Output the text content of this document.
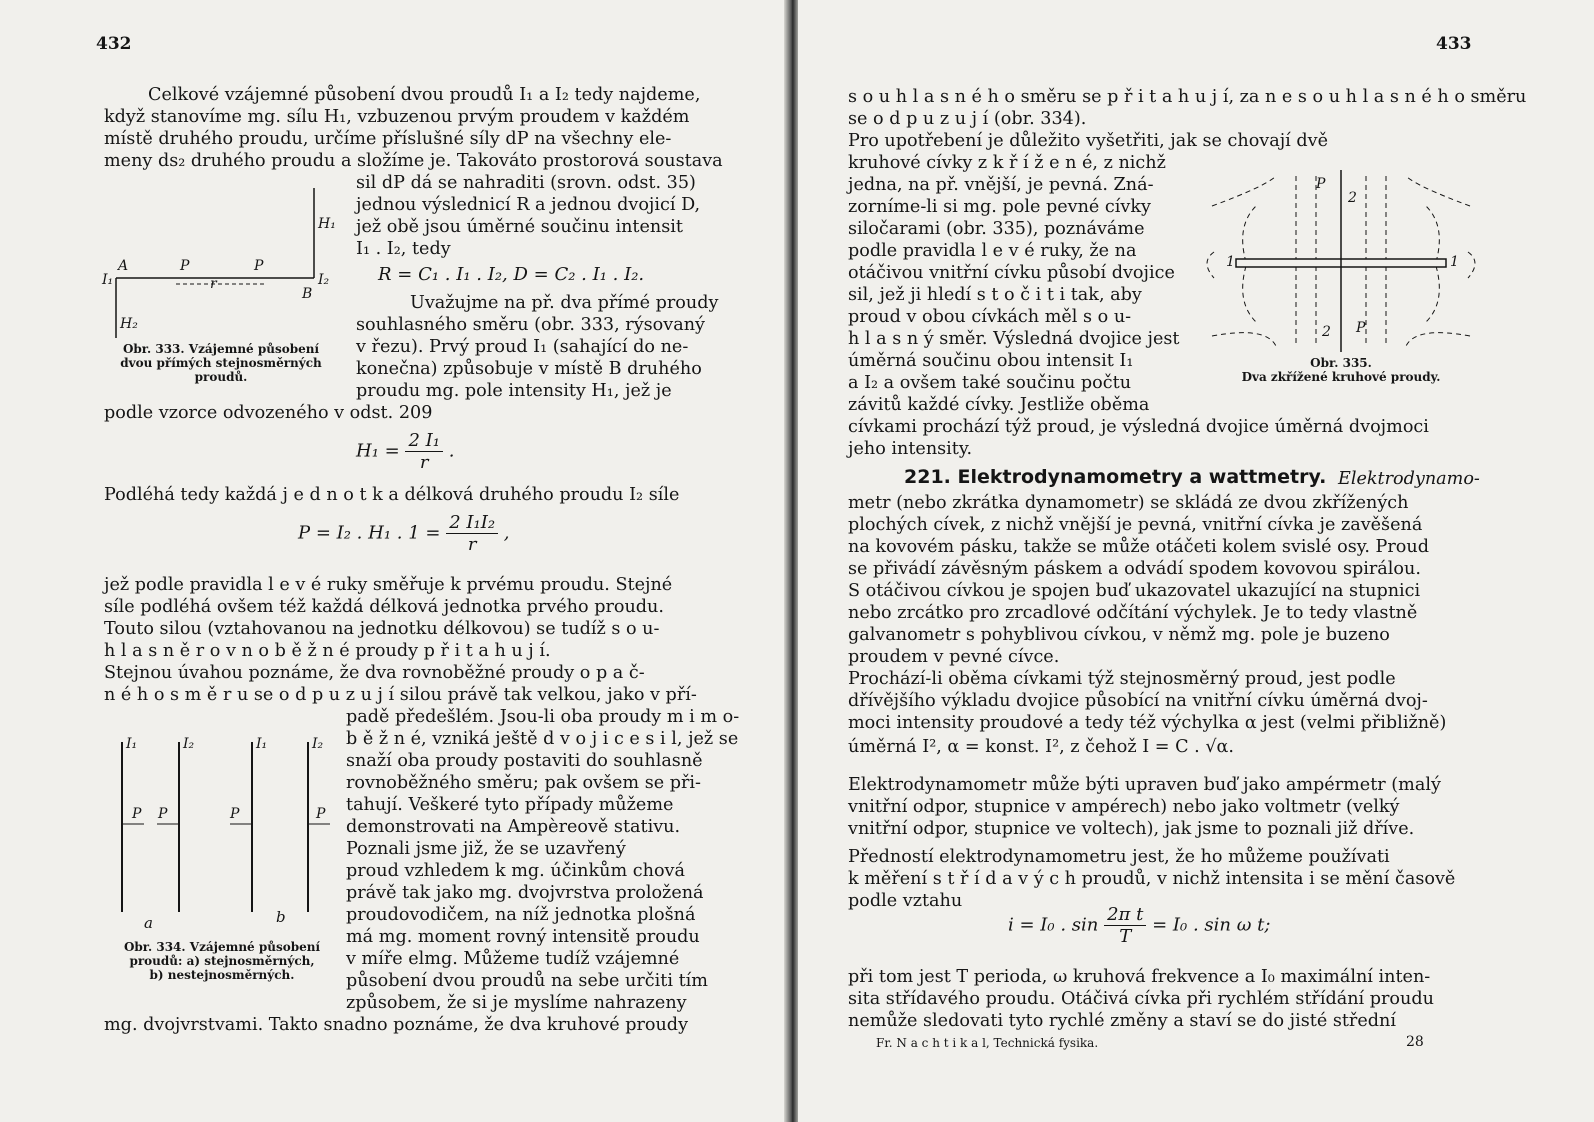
432
Celkové vzájemné působení dvou proudů I₁ a I₂ tedy najdeme,
když stanovíme mg. sílu H₁, vzbuzenou prvým proudem v každém
místě druhého proudu, určíme příslušné síly dP na všechny ele-
meny ds₂ druhého proudu a složíme je. Takováto prostorová soustava
sil dP dá se nahraditi (srovn. odst. 35)
jednou výslednicí R a jednou dvojicí D,
jež obě jsou úměrné součinu intensit
I₁ . I₂, tedy
R = C₁ . I₁ . I₂, D = C₂ . I₁ . I₂.
Uvažujme na př. dva přímé proudy
souhlasného směru (obr. 333, rýsovaný
v řezu). Prvý proud I₁ (sahající do ne-
konečna) způsobuje v místě B druhého
proudu mg. pole intensity H₁, jež je
podle vzorce odvozeného v odst. 209
H₁
I₁
A	P
r
P
I₂
B
H₂
Obr. 333. Vzájemné působení
dvou přímých stejnosměrných
proudů.
$H_1 = \frac{\text{2 I₁}}{r}$ .
Podléhá tedy každá j e d n o t k a délková druhého proudu I₂ síle
P = I₂ . H₁ . $1 = \frac{\text{2 I₁I₂}}{r}$ ,
jež podle pravidla l e v é ruky směřuje k prvému proudu. Stejné
síle podléhá ovšem též každá délková jednotka prvého proudu.
Touto silou (vztahovanou na jednotku délkovou) se tudíž s o u-
h l a s n ě r o v n o b ě ž n é proudy p ř i t a h u j í.
Stejnou úvahou poznáme, že dva rovnoběžné proudy o p a č-
n é h o s m ě r u se o d p u z u j í silou právě tak velkou, jako v pří-
padě předešlém. Jsou-li oba proudy m i m o-
b ě ž n é, vzniká ještě d v o j i c e s i l, jež se
snaží oba proudy postaviti do souhlasně
rovnoběžného směru; pak ovšem se při-
tahují. Veškeré tyto případy můžeme
demonstrovati na Ampèreově stativu.
Poznali jsme již, že se uzavřený
proud vzhledem k mg. účinkům chová
právě tak jako mg. dvojvrstva proložená
proudovodičem, na níž jednotka plošná
má mg. moment rovný intensitě proudu
v míře elmg. Můžeme tudíž vzájemné
působení dvou proudů na sebe určiti tím
způsobem, že si je myslíme nahrazeny
mg. dvojvrstvami. Takto snadno poznáme, že dva kruhové proudy
I₁	I₂	I₁	I₂
P P	P	P
a	b
Obr. 334. Vzájemné působení
proudů: a) stejnosměrných,
b) nestejnosměrných.
433
s o u h l a s n é h o směru se p ř i t a h u j í, za n e s o u h l a s n é h o směru
se o d p u z u j í (obr. 334).
Pro upotřebení je důležito vyšetřiti, jak se chovají dvě
kruhové cívky z k ř í ž e n é, z nichž
jedna, na př. vnější, je pevná. Zná-
zorníme-li si mg. pole pevné cívky
siločarami (obr. 335), poznáváme
podle pravidla l e v é ruky, že na
otáčivou vnitřní cívku působí dvojice
sil, jež ji hledí s t o č i t i tak, aby
proud v obou cívkách měl s o u-
h l a s n ý směr. Výsledná dvojice jest
úměrná součinu obou intensit I₁
a I₂ a ovšem také součinu počtu
závitů každé cívky. Jestliže oběma
cívkami prochází týž proud, je výsledná dvojice úměrná dvojmoci
jeho intensity.
P
2
1	1
2 P
Obr. 335.
Dva zkřížené kruhové proudy.
221. Elektrodynamometry a wattmetry. Elektrodynamo-
metr (nebo zkrátka dynamometr) se skládá ze dvou zkřížených
plochých cívek, z nichž vnější je pevná, vnitřní cívka je zavěšená
na kovovém pásku, takže se může otáčeti kolem svislé osy. Proud
se přivádí závěsným páskem a odvádí spodem kovovou spirálou.
S otáčivou cívkou je spojen buď ukazovatel ukazující na stupnici
nebo zrcátko pro zrcadlové odčítání výchylek. Je to tedy vlastně
galvanometr s pohyblivou cívkou, v němž mg. pole je buzeno
proudem v pevné cívce.
Prochází-li oběma cívkami týž stejnosměrný proud, jest podle
dřívějšího výkladu dvojice působící na vnitřní cívku úměrná dvoj-
moci intensity proudové a tedy též výchylka α jest (velmi přibližně)
úměrná I², α = konst. I², z čehož I = C . √α.
Elektrodynamometr může býti upraven buď jako ampérmetr (malý
vnitřní odpor, stupnice v ampérech) nebo jako voltmetr (velký
vnitřní odpor, stupnice ve voltech), jak jsme to poznali již dříve.
Předností elektrodynamometru jest, že ho můžeme používati
k měření s t ř í d a v ý c h proudů, v nichž intensita i se mění časově
podle vztahu
i = I₀ . $\sin \frac{\text{2π t}}{T} = I_0$ . sin ω t;
při tom jest T perioda, ω kruhová frekvence a I₀ maximální inten-
sita střídavého proudu. Otáčivá cívka při rychlém střídání proudu
nemůže sledovati tyto rychlé změny a staví se do jisté střední
Fr. N a c h t i k a l, Technická fysika.	28
